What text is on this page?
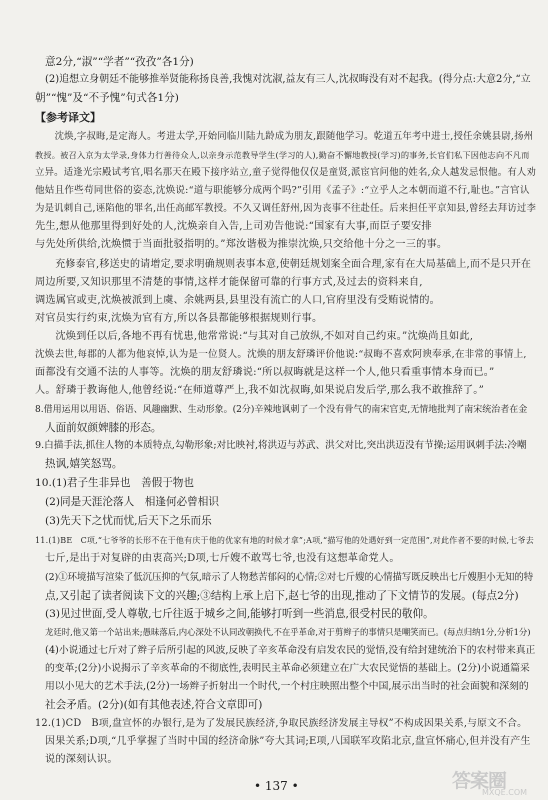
意2分,“淑”“学者”“孜孜”各1分)
(2)追想立身朝廷不能够推举贤能称扬良善,我愧对沈淑,益友有三人,沈叔晦没有对不起我。(得分点:大意2分,“立
朝”“愧”及“不予愧”句式各1分)
【参考译文】
　沈焕,字叔晦,是定海人。考进太学,开始同临川陆九龄成为朋友,跟随他学习。乾道五年考中进士,授任余姚县尉,扬州
教授。被召入京为太学录,身体力行善待众人,以亲身示范教导学生(学习的人),勤奋不懈地教授(学习)的事务,长官们私下因他志向不凡而
立异。适逢光宗殿试考官,唱名那天在殿下接序站立,童子觉得他仅仅是童贤,派宦官问他的姓名,众人越发忌恨他。有人劝
他姑且作些苟同世俗的姿态,沈焕说:“道与职能够分成两个吗?”引用《孟子》:“立乎人之本朝而道不行,耻也。”言官认
为是讥刺自己,诬陷他的罪名,出任高邮军教授。不久又调任舒州,因为丧事不往赴任。后来担任平京知县,曾经去拜访过李
先生,想从他那里得到好处的人,沈焕亲自入告,上司劝告他说:“国家有大事,而臣子要安排
与先处所供给,沈焕惯于当面批驳指明的。”郑汝谐极为推崇沈焕,只交给他十分之一三的事。
　充修泰官,移送史的请增定,要求明确规则表事本意,使朝廷规划案全面合理,家有在大局基础上,而不是只开在
周边所要,又知识那里不清楚的事情,这样才能保留可靠的行事方式,及过去的资料来自,
调选属官或吏,沈焕被派到上虞、余姚两县,县里没有流亡的人口,官府里没有受贿说情的。
对官员实行约束,沈焕为官有方,所以各县都能够根据规则行事。
　沈焕到任以后,各地不再有忧患,他常常说:“与其对自己放纵,不如对自己约束。”沈焕尚且如此,
沈焕去世,每郡的人都为他哀悼,认为是一位贤人。沈焕的朋友舒璘评价他说:“叔晦不喜欢阿谀奉承,在非常的事情上,
面都没有交通不法的人事等。沈焕的朋友舒璘说:“所以叔晦就是这样一个人,他只看重事情本身而已。”
人。舒璘于教诲他人,他曾经说:“在师道尊严上,我不如沈叔晦,如果说启发后学,那么我不敢推辞了。”
8.借用运用以用语、俗语、风趣幽默、生动形象。(2分)辛辣地讽刺了一个没有骨气的南宋官吏,无情地批判了南宋统治者在金
人面前奴颜婢膝的形态。
9.白描手法,抓住人物的本质特点,勾勒形象;对比映衬,将洪迈与苏武、洪父对比,突出洪迈没有节操;运用讽刺手法:冷嘲
热讽,嬉笑怒骂。
10.(1)君子生非异也　善假于物也
(2)同是天涯沦落人　相逢何必曾相识
(3)先天下之忧而忧,后天下之乐而乐
11.(1)BE　C项,“七爷爷的长形不在于他有庆于他的优家有地的时候才拿”;A项,“描写他的处遇好到一定范围”,对此作者不要的时候,七爷去
七斤,是出于对复辟的由衷高兴;D项,七斤嫂不敢骂七爷,也没有这想革命党人。
(2)①环境描写渲染了低沉压抑的气氛,暗示了人物愁苦郁闷的心情;②对七斤嫂的心情描写既反映出七斤嫂胆小无知的特
点,又引起了读者阅读下文的兴趣;③结构上承上启下,赵七爷的出现,推动了下文情节的发展。(每点2分)
(3)见过世面,受人尊敬,七斤往返于城乡之间,能够打听到一些消息,很受村民的敬仰。
龙廷时,他又第一个站出来;愚昧落后,内心深处不认同改朝换代,不在乎革命,对于剪辫子的事情只是嘲笑而已。(每点归纳1分,分析1分)
(4)小说通过七斤对了辫子后所引起的风波,反映了辛亥革命没有启发农民的觉悟,没有给封建统治下的农村带来真正
的变革;(2分)小说揭示了辛亥革命的不彻底性,表明民主革命必须建立在广大农民觉悟的基础上。(2分)小说通篇采
用以小见大的艺术手法,(2分)一场辫子折射出一个时代,一个村庄映照出整个中国,展示出当时的社会面貌和深刻的
社会矛盾。(2分)(如有其他表述,符合文章即可)
12.(1)CD　B项,盘宣怀的办银行,是为了发展民族经济,争取民族经济发展主导权”不构成因果关系,与原文不合。
因果关系;D项,“几乎掌握了当时中国的经济命脉”夸大其词;E项,八国联军攻陷北京,盘宣怀痛心,但并没有产生
说的深刻认识。
• 137 •	答案圈
MXQE.COM
